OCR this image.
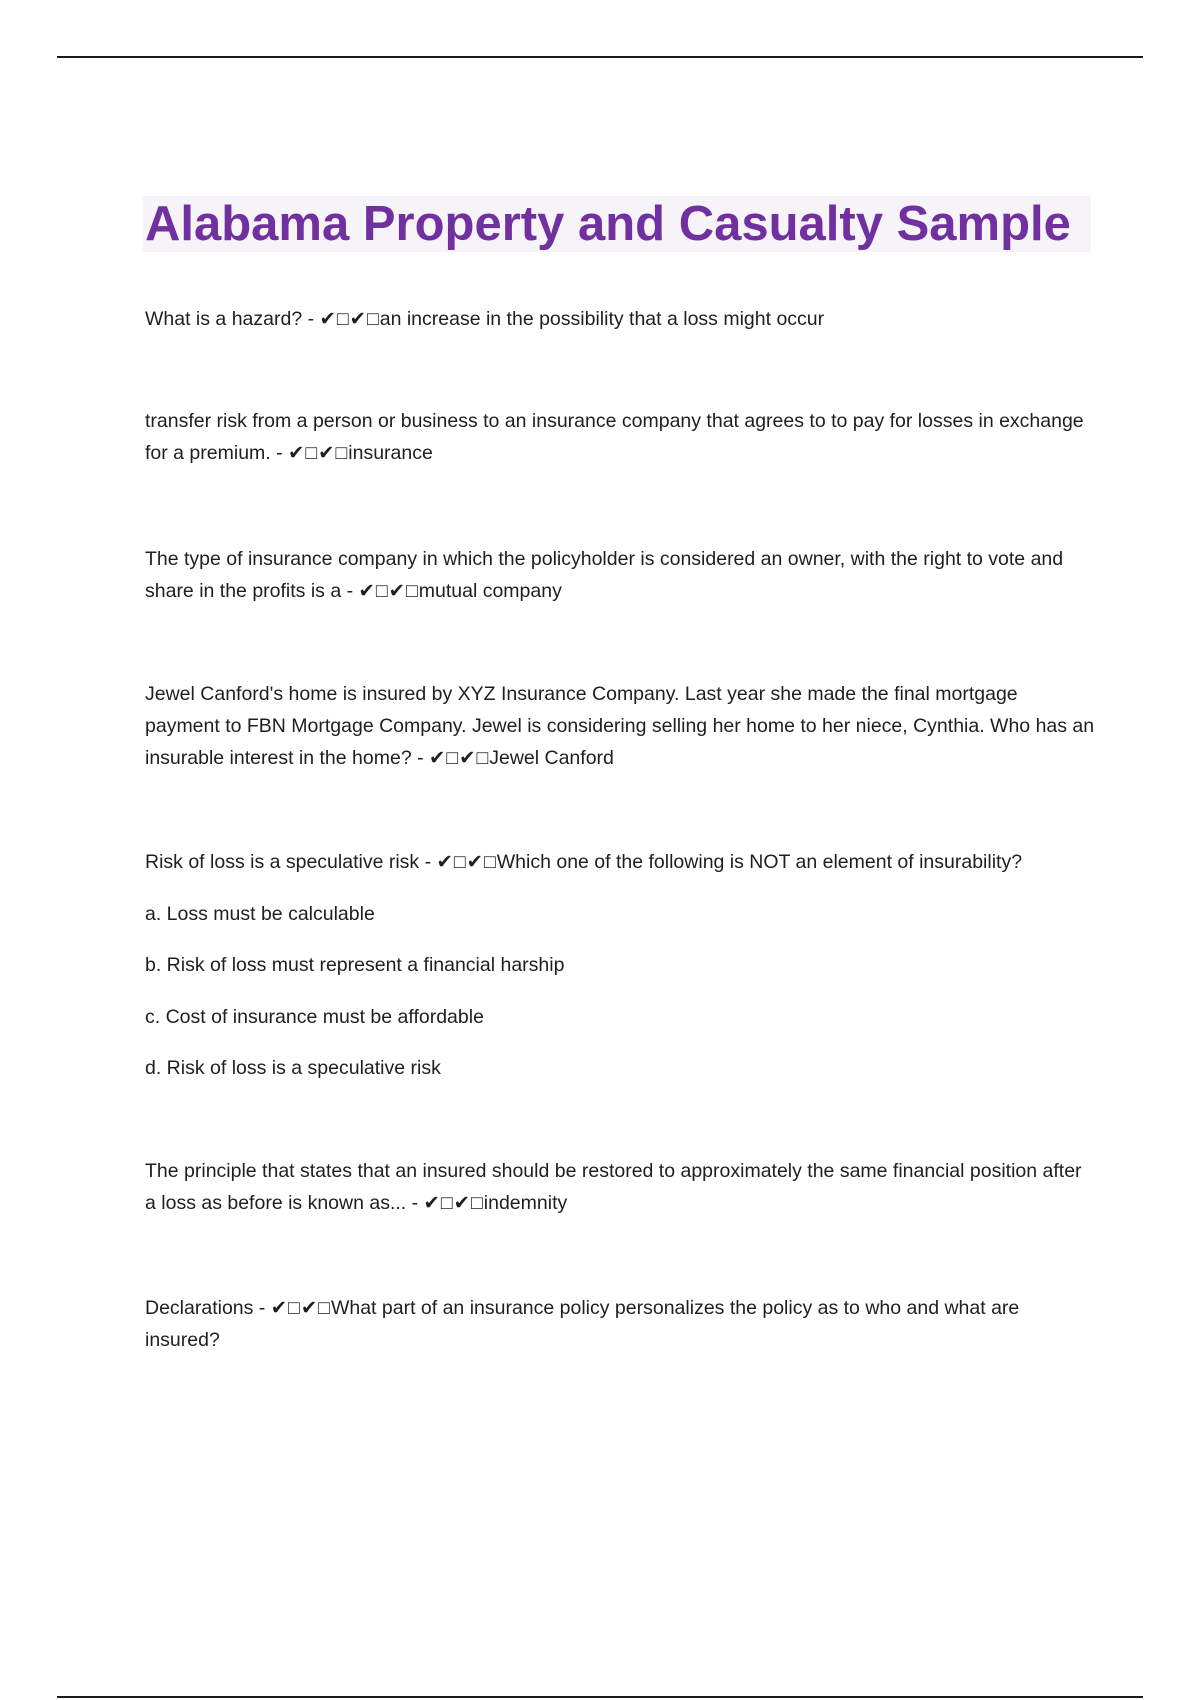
Alabama Property and Casualty Sample

What is a hazard? - ✔□✔□an increase in the possibility that a loss might occur

transfer risk from a person or business to an insurance company that agrees to to pay for losses in exchange for a premium. - ✔□✔□insurance

The type of insurance company in which the policyholder is considered an owner, with the right to vote and share in the profits is a - ✔□✔□mutual company

Jewel Canford's home is insured by XYZ Insurance Company. Last year she made the final mortgage payment to FBN Mortgage Company. Jewel is considering selling her home to her niece, Cynthia. Who has an insurable interest in the home? - ✔□✔□Jewel Canford

Risk of loss is a speculative risk - ✔□✔□Which one of the following is NOT an element of insurability?

a. Loss must be calculable

b. Risk of loss must represent a financial harship

c. Cost of insurance must be affordable

d. Risk of loss is a speculative risk

The principle that states that an insured should be restored to approximately the same financial position after a loss as before is known as... - ✔□✔□indemnity

Declarations - ✔□✔□What part of an insurance policy personalizes the policy as to who and what are insured?
